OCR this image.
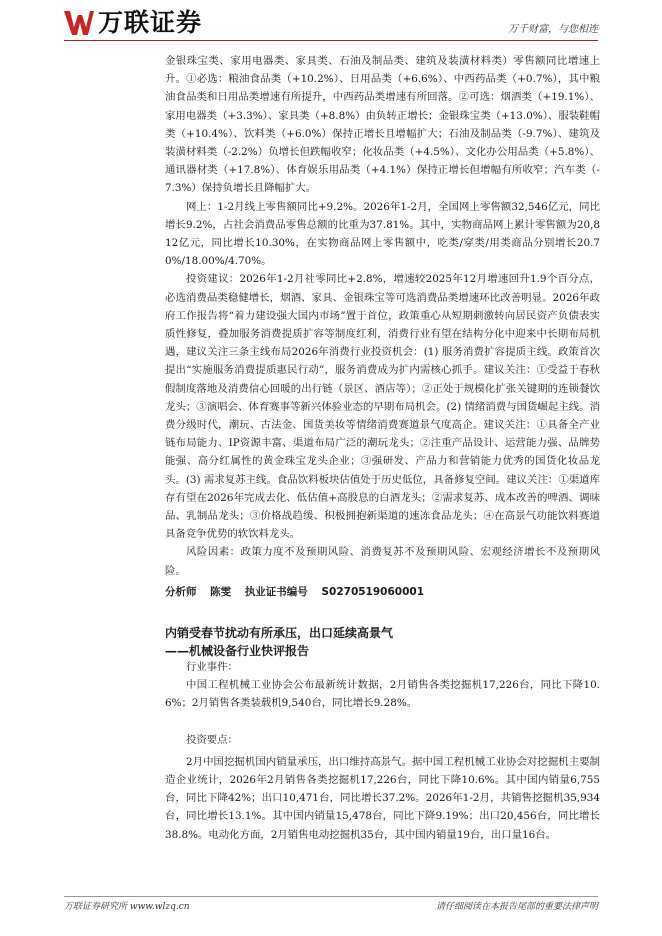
万联证券	万千财富，与您相连

金银珠宝类、家用电器类、家具类、石油及制品类、建筑及装潢材料类）零售额同比增速上升。①必选：粮油食品类（+10.2%）、日用品类（+6.6%）、中西药品类（+0.7%），其中粮油食品类和日用品类增速有所提升，中西药品类增速有所回落。②可选：烟酒类（+19.1%）、家用电器类（+3.3%）、家具类（+8.8%）由负转正增长；金银珠宝类（+13.0%）、服装鞋帽类（+10.4%）、饮料类（+6.0%）保持正增长且增幅扩大；石油及制品类（-9.7%）、建筑及装潢材料类（-2.2%）负增长但跌幅收窄；化妆品类（+4.5%）、文化办公用品类（+5.8%）、通讯器材类（+17.8%）、体育娱乐用品类（+4.1%）保持正增长但增幅有所收窄；汽车类（-7.3%）保持负增长且降幅扩大。

网上：1-2月线上零售额同比+9.2%。2026年1-2月，全国网上零售额32,546亿元，同比增长9.2%，占社会消费品零售总额的比重为37.81%。其中，实物商品网上累计零售额为20,812亿元，同比增长10.30%，在实物商品网上零售额中，吃类/穿类/用类商品分别增长20.70%/18.00%/4.70%。

投资建议：2026年1-2月社零同比+2.8%，增速较2025年12月增速回升1.9个百分点，必选消费品类稳健增长，烟酒、家具、金银珠宝等可选消费品类增速环比改善明显。2026年政府工作报告将“着力建设强大国内市场”置于首位，政策重心从短期刺激转向居民资产负债表实质性修复，叠加服务消费提质扩容等制度红利，消费行业有望在结构分化中迎来中长期布局机遇，建议关注三条主线布局2026年消费行业投资机会：(1) 服务消费扩容提质主线。政策首次提出“实施服务消费提质惠民行动”，服务消费成为扩内需核心抓手。建议关注：①受益于春秋假制度落地及消费信心回暖的出行链（景区、酒店等）；②正处于规模化扩张关键期的连锁餐饮龙头；③演唱会、体育赛事等新兴体验业态的早期布局机会。(2) 情绪消费与国货崛起主线。消费分级时代，潮玩、古法金、国货美妆等情绪消费赛道景气度高企。建议关注：①具备全产业链布局能力、IP资源丰富、渠道布局广泛的潮玩龙头；②注重产品设计、运营能力强、品牌势能强、高分红属性的黄金珠宝龙头企业；③强研发、产品力和营销能力优秀的国货化妆品龙头。(3) 需求复苏主线。食品饮料板块估值处于历史低位，具备修复空间。建议关注：①渠道库存有望在2026年完成去化、低估值+高股息的白酒龙头；②需求复苏、成本改善的啤酒、调味品、乳制品龙头；③价格战趋缓、积极拥抱新渠道的速冻食品龙头；④在高景气功能饮料赛道具备竞争优势的软饮料龙头。

风险因素：政策力度不及预期风险、消费复苏不及预期风险、宏观经济增长不及预期风险。

分析师 陈雯 执业证书编号 S0270519060001
内销受春节扰动有所承压，出口延续高景气
——机械设备行业快评报告

行业事件：

中国工程机械工业协会公布最新统计数据，2月销售各类挖掘机17,226台，同比下降10.6%；2月销售各类装载机9,540台，同比增长9.28%。

投资要点：

2月中国挖掘机国内销量承压，出口维持高景气。据中国工程机械工业协会对挖掘机主要制造企业统计，2026年2月销售各类挖掘机17,226台，同比下降10.6%。其中国内销量6,755台，同比下降42%；出口10,471台，同比增长37.2%。2026年1-2月，共销售挖掘机35,934台，同比增长13.1%。其中国内销量15,478台，同比下降9.19%；出口20,456台，同比增长38.8%。电动化方面，2月销售电动挖掘机35台，其中国内销量19台，出口量16台。

万联证券研究所 www.wlzq.cn	请仔细阅读在本报告尾部的重要法律声明
